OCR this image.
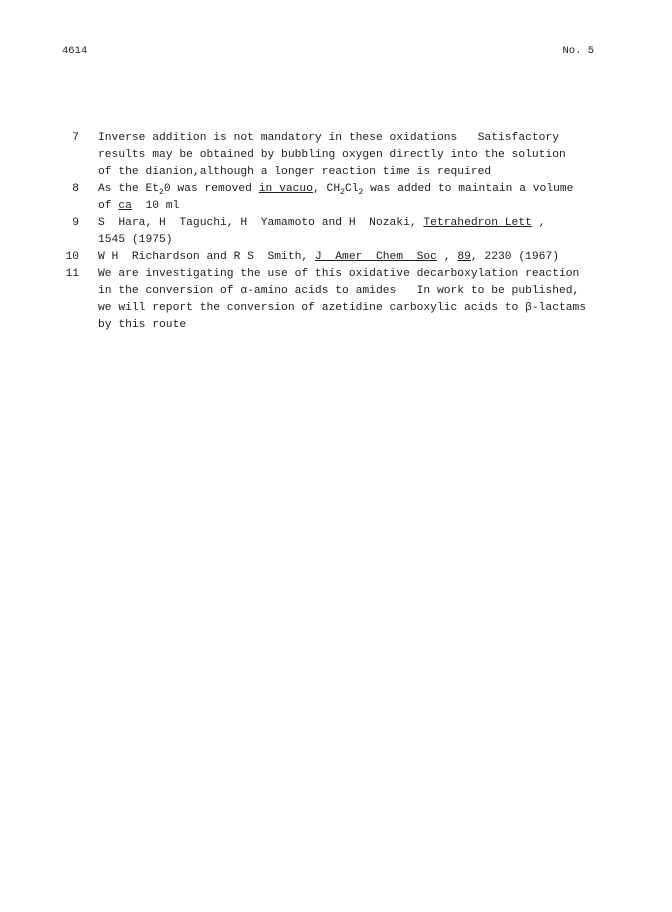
4614	No. 5
7 Inverse addition is not mandatory in these oxidations   Satisfactory
results may be obtained by bubbling oxygen directly into the solution
of the dianion,although a longer reaction time is required
8 As the $Et_20$ was removed in vacuo, $CH_2Cl_2$ was added to maintain a volume
of ca  10 ml
9 S  Hara, H  Taguchi, H  Yamamoto and H  Nozaki, Tetrahedron Lett ,
1545 (1975)
10 W H  Richardson and R S  Smith, J  Amer  Chem  Soc , 89, 2230 (1967)
11 We are investigating the use of this oxidative decarboxylation reaction
in the conversion of α-amino acids to amides   In work to be published,
we will report the conversion of azetidine carboxylic acids to β-lactams
by this route
